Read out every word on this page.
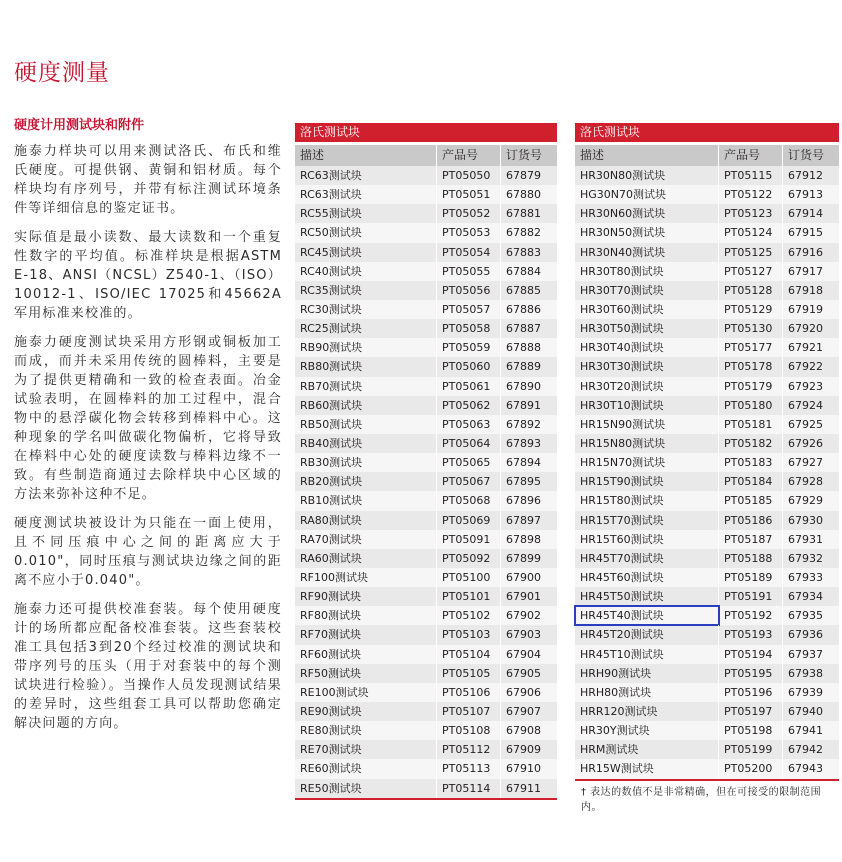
硬度测量
硬度计用测试块和附件

施泰力样块可以用来测试洛氏、布氏和维氏硬度。可提供钢、黄铜和铝材质。每个样块均有序列号，并带有标注测试环境条件等详细信息的鉴定证书。

实际值是最小读数、最大读数和一个重复性数字的平均值。标准样块是根据ASTM E-18、ANSI（NCSL）Z540-1、（ISO）10012-1、ISO/IEC 17025和45662A军用标准来校准的。

施泰力硬度测试块采用方形钢或铜板加工而成，而并未采用传统的圆棒料，主要是为了提供更精确和一致的检查表面。冶金试验表明，在圆棒料的加工过程中，混合物中的悬浮碳化物会转移到棒料中心。这种现象的学名叫做碳化物偏析，它将导致在棒料中心处的硬度读数与棒料边缘不一致。有些制造商通过去除样块中心区域的方法来弥补这种不足。

硬度测试块被设计为只能在一面上使用，且不同压痕中心之间的距离应大于0.010"，同时压痕与测试块边缘之间的距离不应小于0.040"。

施泰力还可提供校准套装。每个使用硬度计的场所都应配备校准套装。这些套装校准工具包括3到20个经过校准的测试块和带序列号的压头（用于对套装中的每个测试块进行检验）。当操作人员发现测试结果的差异时，这些组套工具可以帮助您确定解决问题的方向。

洛氏测试块
描述	产品号	订货号
RC63测试块	PT05050	67879
RC63测试块	PT05051	67880
RC55测试块	PT05052	67881
RC50测试块	PT05053	67882
RC45测试块	PT05054	67883
RC40测试块	PT05055	67884
RC35测试块	PT05056	67885
RC30测试块	PT05057	67886
RC25测试块	PT05058	67887
RB90测试块	PT05059	67888
RB80测试块	PT05060	67889
RB70测试块	PT05061	67890
RB60测试块	PT05062	67891
RB50测试块	PT05063	67892
RB40测试块	PT05064	67893
RB30测试块	PT05065	67894
RB20测试块	PT05067	67895
RB10测试块	PT05068	67896
RA80测试块	PT05069	67897
RA70测试块	PT05091	67898
RA60测试块	PT05092	67899
RF100测试块	PT05100	67900
RF90测试块	PT05101	67901
RF80测试块	PT05102	67902
RF70测试块	PT05103	67903
RF60测试块	PT05104	67904
RF50测试块	PT05105	67905
RE100测试块	PT05106	67906
RE90测试块	PT05107	67907
RE80测试块	PT05108	67908
RE70测试块	PT05112	67909
RE60测试块	PT05113	67910
RE50测试块	PT05114	67911
洛氏测试块
描述	产品号	订货号
HR30N80测试块	PT05115	67912
HG30N70测试块	PT05122	67913
HR30N60测试块	PT05123	67914
HR30N50测试块	PT05124	67915
HR30N40测试块	PT05125	67916
HR30T80测试块	PT05127	67917
HR30T70测试块	PT05128	67918
HR30T60测试块	PT05129	67919
HR30T50测试块	PT05130	67920
HR30T40测试块	PT05177	67921
HR30T30测试块	PT05178	67922
HR30T20测试块	PT05179	67923
HR30T10测试块	PT05180	67924
HR15N90测试块	PT05181	67925
HR15N80测试块	PT05182	67926
HR15N70测试块	PT05183	67927
HR15T90测试块	PT05184	67928
HR15T80测试块	PT05185	67929
HR15T70测试块	PT05186	67930
HR15T60测试块	PT05187	67931
HR45T70测试块	PT05188	67932
HR45T60测试块	PT05189	67933
HR45T50测试块	PT05191	67934
HR45T40测试块	PT05192	67935
HR45T20测试块	PT05193	67936
HR45T10测试块	PT05194	67937
HRH90测试块	PT05195	67938
HRH80测试块	PT05196	67939
HRR120测试块	PT05197	67940
HR30Y测试块	PT05198	67941
HRM测试块	PT05199	67942
HR15W测试块	PT05200	67943
† 表达的数值不是非常精确，但在可接受的限制范围内。
